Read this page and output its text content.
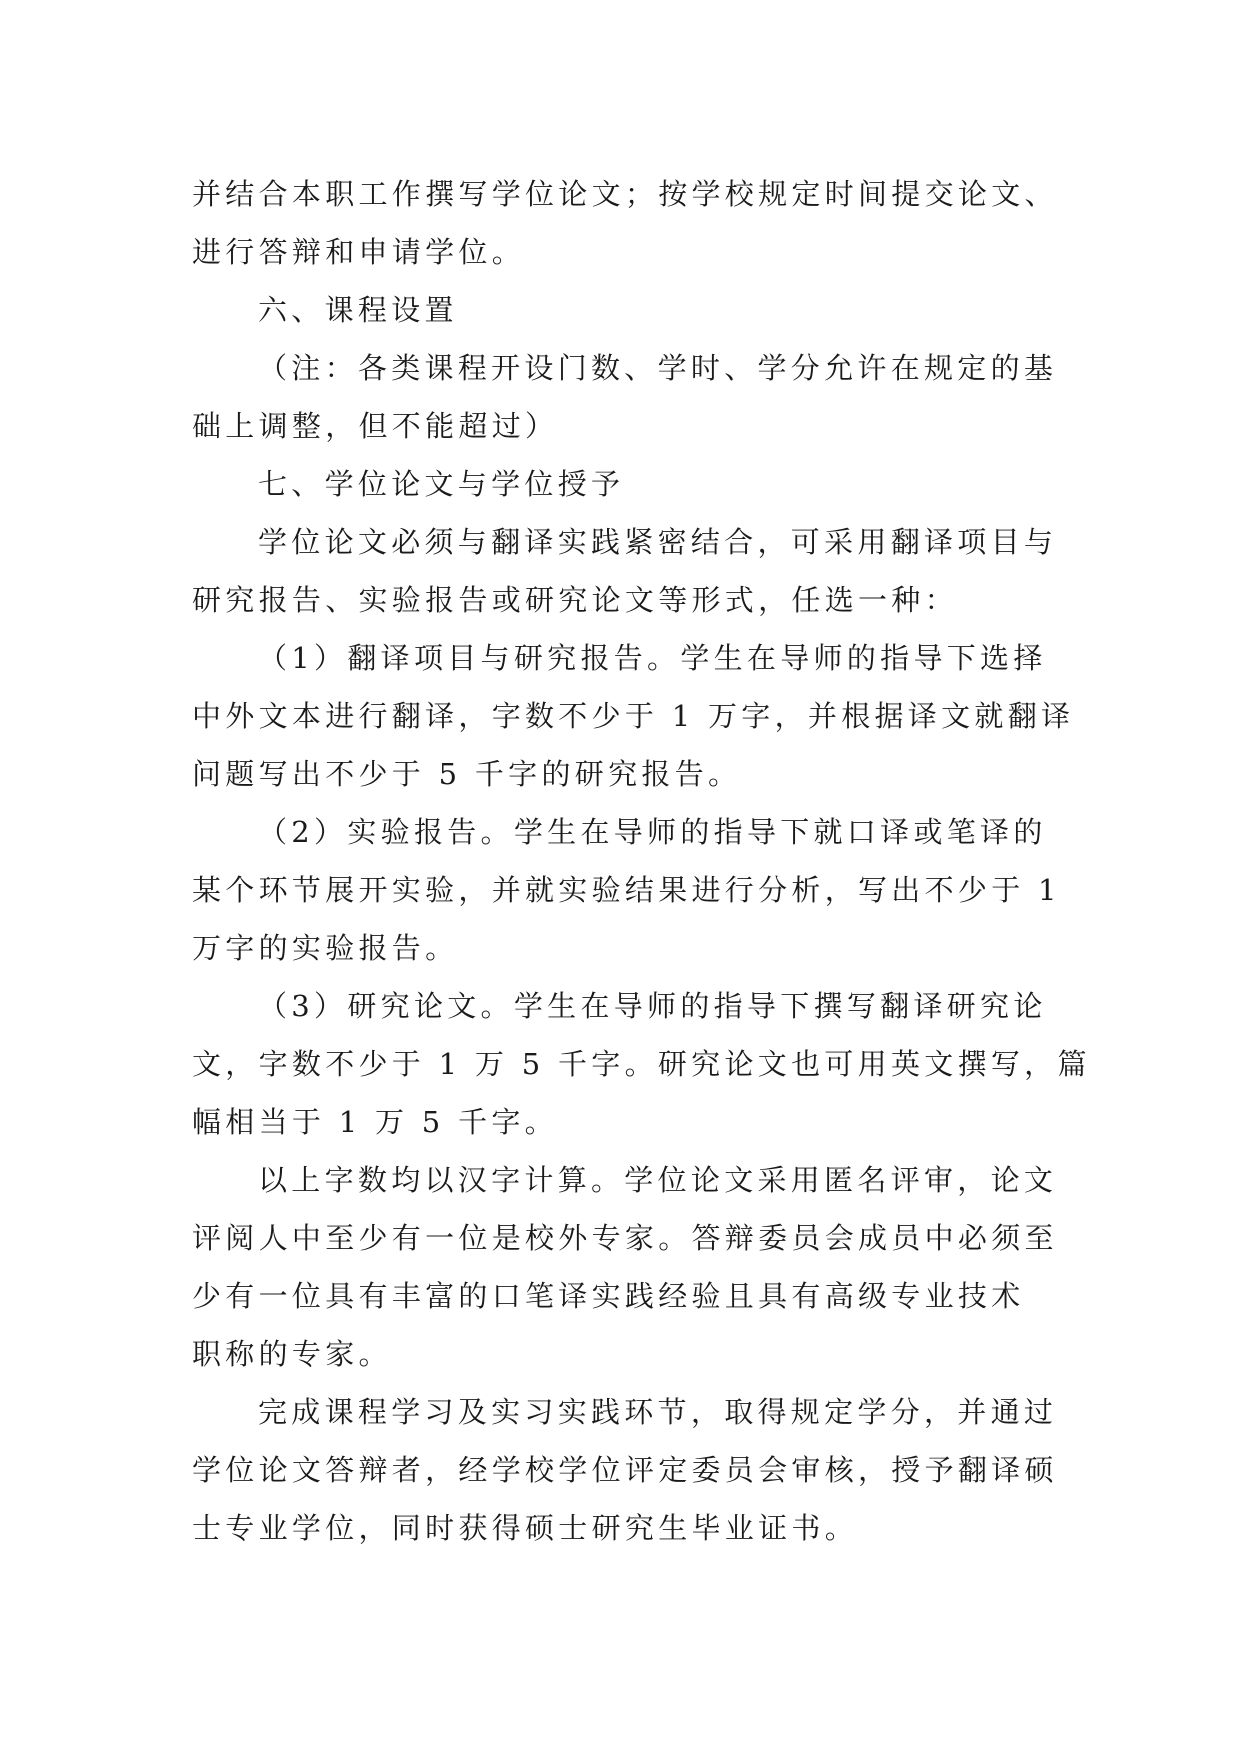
并结合本职工作撰写学位论文；按学校规定时间提交论文、
进行答辩和申请学位。
六、课程设置
（注：各类课程开设门数、学时、学分允许在规定的基
础上调整，但不能超过）
七、学位论文与学位授予
学位论文必须与翻译实践紧密结合，可采用翻译项目与
研究报告、实验报告或研究论文等形式，任选一种：
（1）翻译项目与研究报告。学生在导师的指导下选择
中外文本进行翻译，字数不少于 1 万字，并根据译文就翻译
问题写出不少于 5 千字的研究报告。
（2）实验报告。学生在导师的指导下就口译或笔译的
某个环节展开实验，并就实验结果进行分析，写出不少于 1
万字的实验报告。
（3）研究论文。学生在导师的指导下撰写翻译研究论
文，字数不少于 1 万 5 千字。研究论文也可用英文撰写，篇
幅相当于 1 万 5 千字。
以上字数均以汉字计算。学位论文采用匿名评审，论文
评阅人中至少有一位是校外专家。答辩委员会成员中必须至
少有一位具有丰富的口笔译实践经验且具有高级专业技术
职称的专家。
完成课程学习及实习实践环节，取得规定学分，并通过
学位论文答辩者，经学校学位评定委员会审核，授予翻译硕
士专业学位，同时获得硕士研究生毕业证书。
